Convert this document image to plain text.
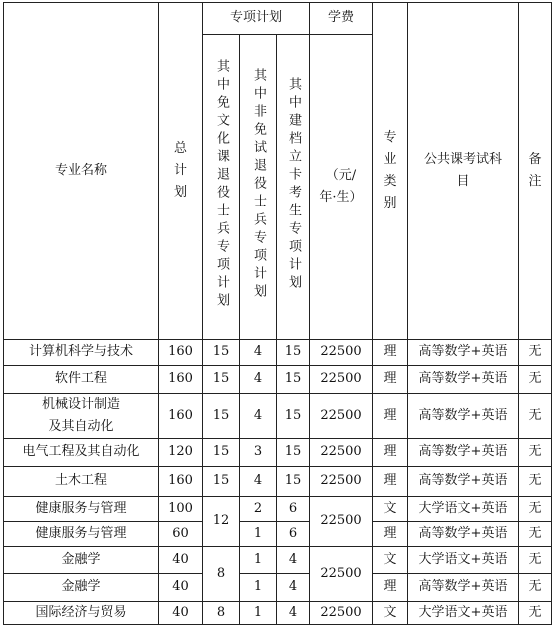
专业名称	总
计
划	专项计划			学费	专
业
类
别	公共课考试科
目	备
注

		其中免文化课退役士兵专项计划	其中非免试退役士兵专项计划	其中建档立卡考生专项计划	（元/
年·生）			

计算机科学与技术	160	15	4	15	22500	理	高等数学+英语	无
软件工程	160	15	4	15	22500	理	高等数学+英语	无

机械设计制造
及其自动化	160	15	4	15	22500	理	高等数学+英语	无
电气工程及其自动化	120	15	3	15	22500	理	高等数学+英语	无
土木工程	160	15	4	15	22500	理	高等数学+英语	无
健康服务与管理	100	12	2	6	22500	文	大学语文+英语	无
健康服务与管理	60		1	6		理	高等数学+英语	无
金融学	40	8	1	4	22500	文	大学语文+英语	无
金融学	40		1	4		理	高等数学+英语	无
国际经济与贸易	40	8	1	4	22500	文	大学语文+英语	无
